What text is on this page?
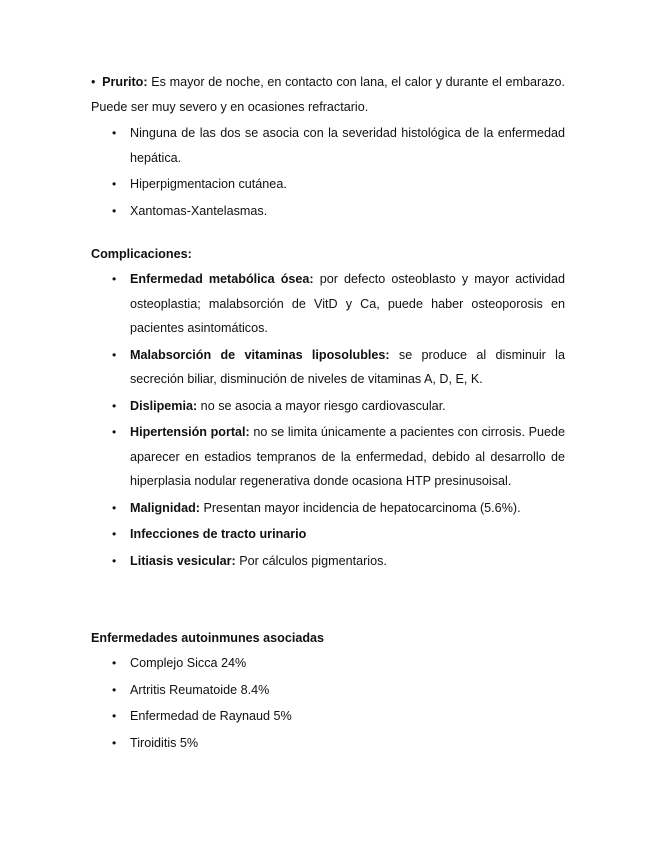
• Prurito: Es mayor de noche, en contacto con lana, el calor y durante el embarazo. Puede ser muy severo y en ocasiones refractario.

• Ninguna de las dos se asocia con la severidad histológica de la enfermedad hepática.
• Hiperpigmentacion cutánea.
• Xantomas-Xantelasmas.

Complicaciones:

• Enfermedad metabólica ósea: por defecto osteoblasto y mayor actividad osteoplastia; malabsorción de VitD y Ca, puede haber osteoporosis en pacientes asintomáticos.
• Malabsorción de vitaminas liposolubles: se produce al disminuir la secreción biliar, disminución de niveles de vitaminas A, D, E, K.
• Dislipemia: no se asocia a mayor riesgo cardiovascular.
• Hipertensión portal: no se limita únicamente a pacientes con cirrosis. Puede aparecer en estadios tempranos de la enfermedad, debido al desarrollo de hiperplasia nodular regenerativa donde ocasiona HTP presinusoisal.
• Malignidad: Presentan mayor incidencia de hepatocarcinoma (5.6%).
• Infecciones de tracto urinario
• Litiasis vesicular: Por cálculos pigmentarios.

Enfermedades autoinmunes asociadas

• Complejo Sicca 24%
• Artritis Reumatoide 8.4%
• Enfermedad de Raynaud 5%
• Tiroiditis 5%
